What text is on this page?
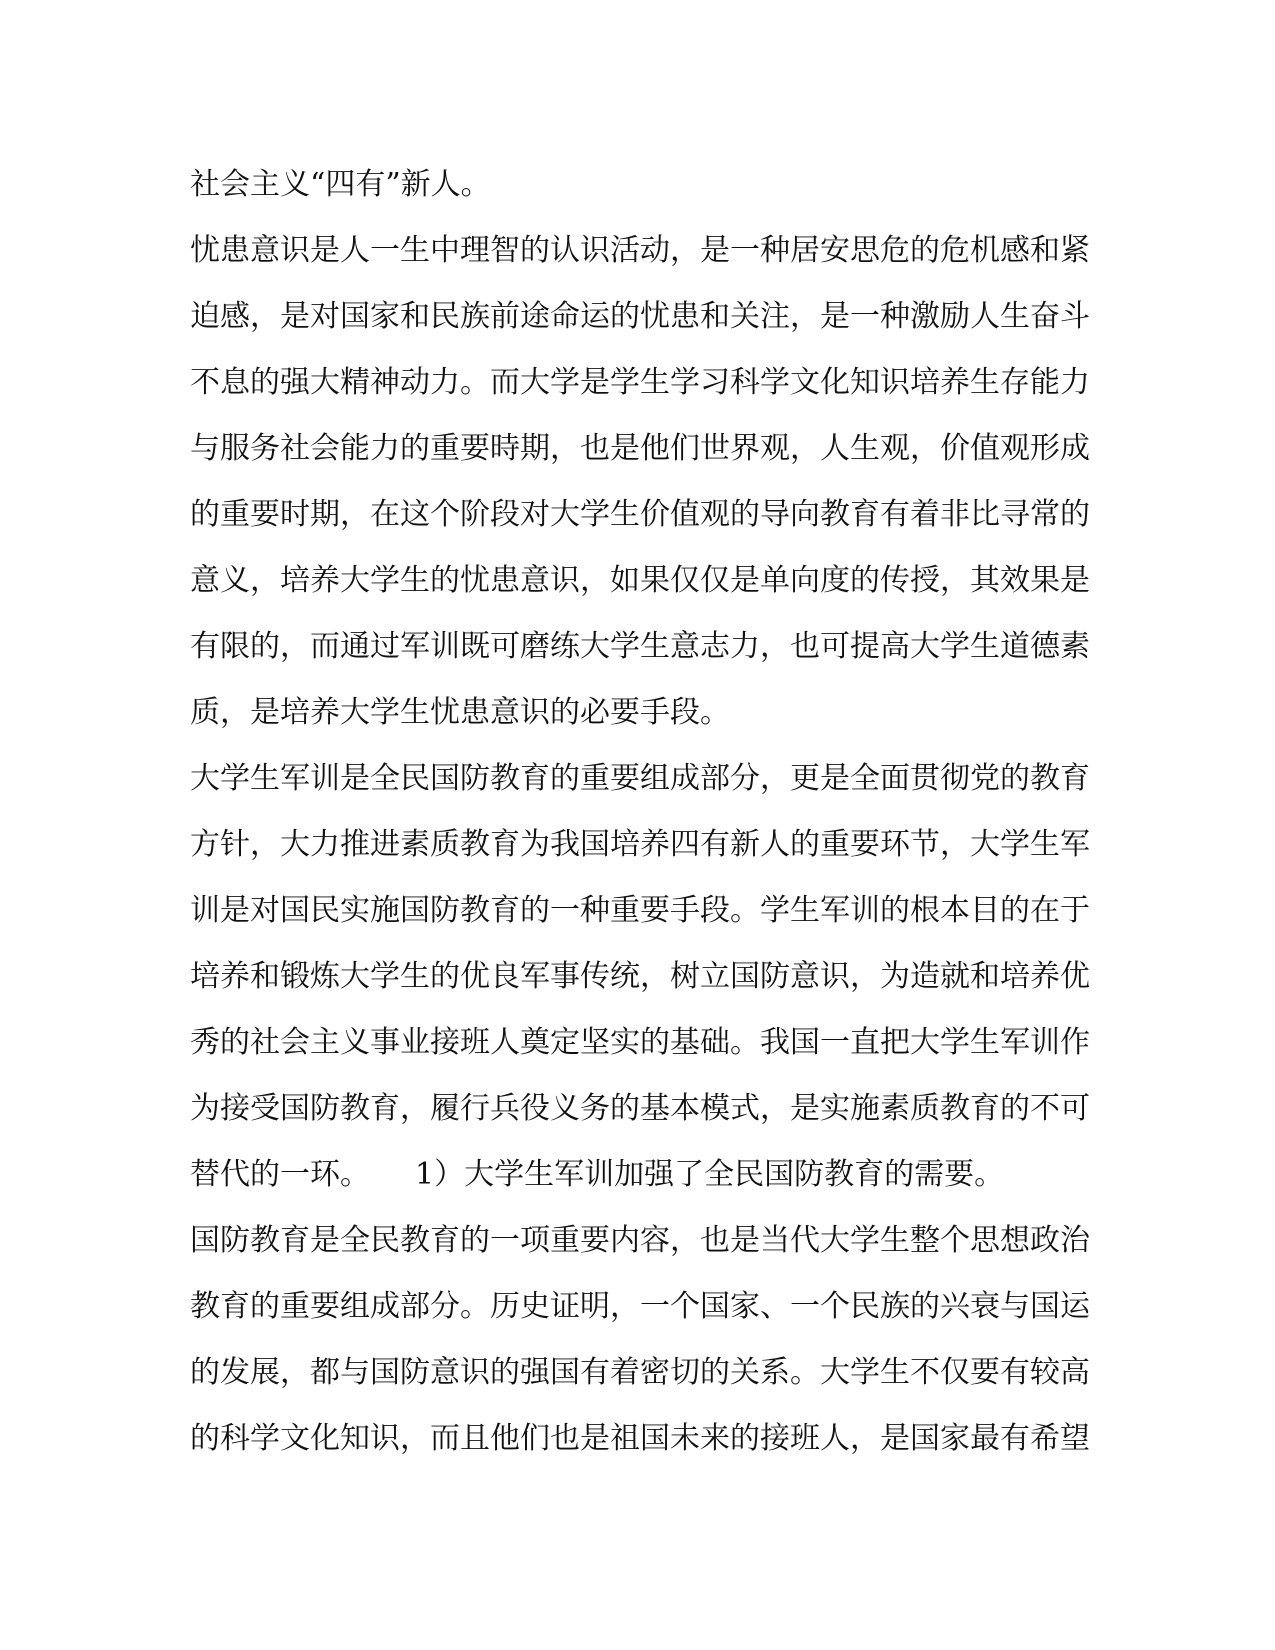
社会主义“四有”新人。
忧患意识是人一生中理智的认识活动，是一种居安思危的危机感和紧
迫感，是对国家和民族前途命运的忧患和关注，是一种激励人生奋斗
不息的强大精神动力。而大学是学生学习科学文化知识培养生存能力
与服务社会能力的重要時期，也是他们世界观，人生观，价值观形成
的重要时期，在这个阶段对大学生价值观的导向教育有着非比寻常的
意义，培养大学生的忧患意识，如果仅仅是单向度的传授，其效果是
有限的，而通过军训既可磨练大学生意志力，也可提高大学生道德素
质，是培养大学生忧患意识的必要手段。
大学生军训是全民国防教育的重要组成部分，更是全面贯彻党的教育
方针，大力推进素质教育为我国培养四有新人的重要环节，大学生军
训是对国民实施国防教育的一种重要手段。学生军训的根本目的在于
培养和锻炼大学生的优良军事传统，树立国防意识，为造就和培养优
秀的社会主义事业接班人奠定坚实的基础。我国一直把大学生军训作
为接受国防教育，履行兵役义务的基本模式，是实施素质教育的不可
替代的一环。　　1）大学生军训加强了全民国防教育的需要。
国防教育是全民教育的一项重要内容，也是当代大学生整个思想政治
教育的重要组成部分。历史证明，一个国家、一个民族的兴衰与国运
的发展，都与国防意识的强国有着密切的关系。大学生不仅要有较高
的科学文化知识，而且他们也是祖国未来的接班人，是国家最有希望
